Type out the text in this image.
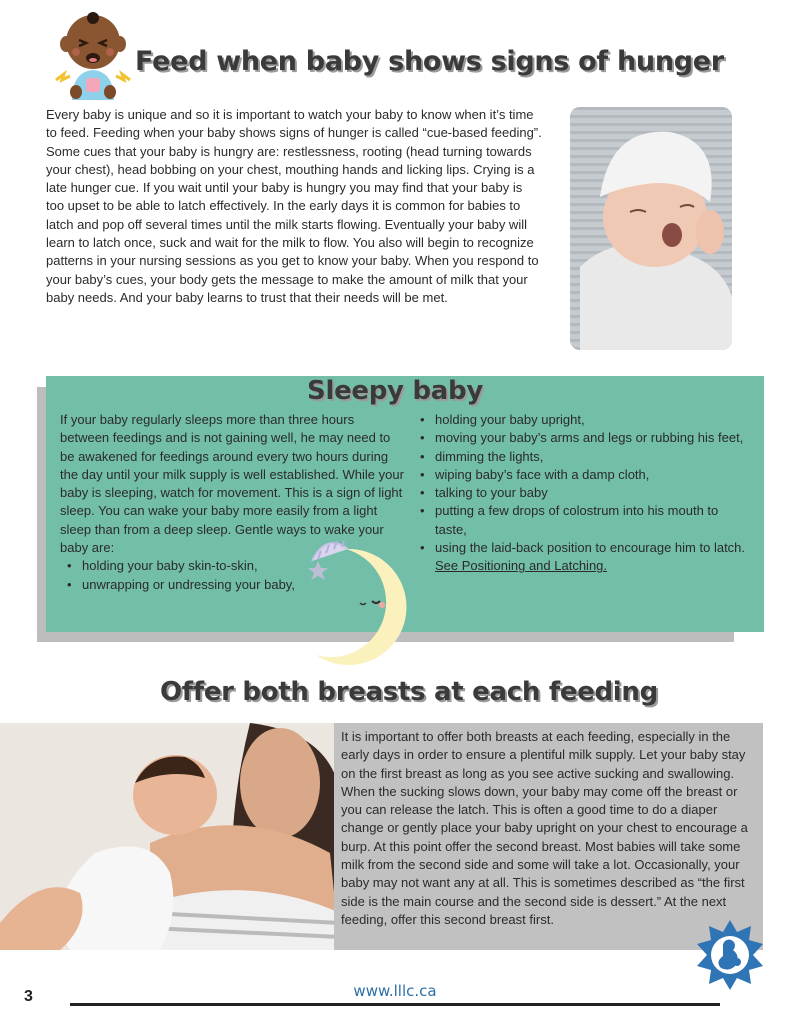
Feed when baby shows signs of hunger

Every baby is unique and so it is important to watch your baby to know when it’s time to feed. Feeding when your baby shows signs of hunger is called “cue-based feeding”. Some cues that your baby is hungry are: restlessness, rooting (head turning towards your chest), head bobbing on your chest, mouthing hands and licking lips. Crying is a late hunger cue. If you wait until your baby is hungry you may find that your baby is too upset to be able to latch effectively. In the early days it is common for babies to latch and pop off several times until the milk starts flowing. Eventually your baby will learn to latch once, suck and wait for the milk to flow. You also will begin to recognize patterns in your nursing sessions as you get to know your baby. When you respond to your baby’s cues, your body gets the message to make the amount of milk that your baby needs. And your baby learns to trust that their needs will be met.

Sleepy baby

If your baby regularly sleeps more than three hours between feedings and is not gaining well, he may need to be awakened for feedings around every two hours during the day until your milk supply is well established. While your baby is sleeping, watch for movement. This is a sign of light sleep. You can wake your baby more easily from a light sleep than from a deep sleep. Gentle ways to wake your baby are:

• holding your baby skin-to-skin,
• unwrapping or undressing your baby,
• holding your baby upright,
• moving your baby’s arms and legs or rubbing his feet,
• dimming the lights,
• wiping baby’s face with a damp cloth,
• talking to your baby
• putting a few drops of colostrum into his mouth to taste,
• using the laid-back position to encourage him to latch. See Positioning and Latching.
Offer both breasts at each feeding

It is important to offer both breasts at each feeding, especially in the early days in order to ensure a plentiful milk supply. Let your baby stay on the first breast as long as you see active sucking and swallowing. When the sucking slows down, your baby may come off the breast or you can release the latch. This is often a good time to do a diaper change or gently place your baby upright on your chest to encourage a burp. At this point offer the second breast. Most babies will take some milk from the second side and some will take a lot. Occasionally, your baby may not want any at all. This is sometimes described as “the first side is the main course and the second side is dessert.” At the next feeding, offer this second breast first.

3	www.lllc.ca
